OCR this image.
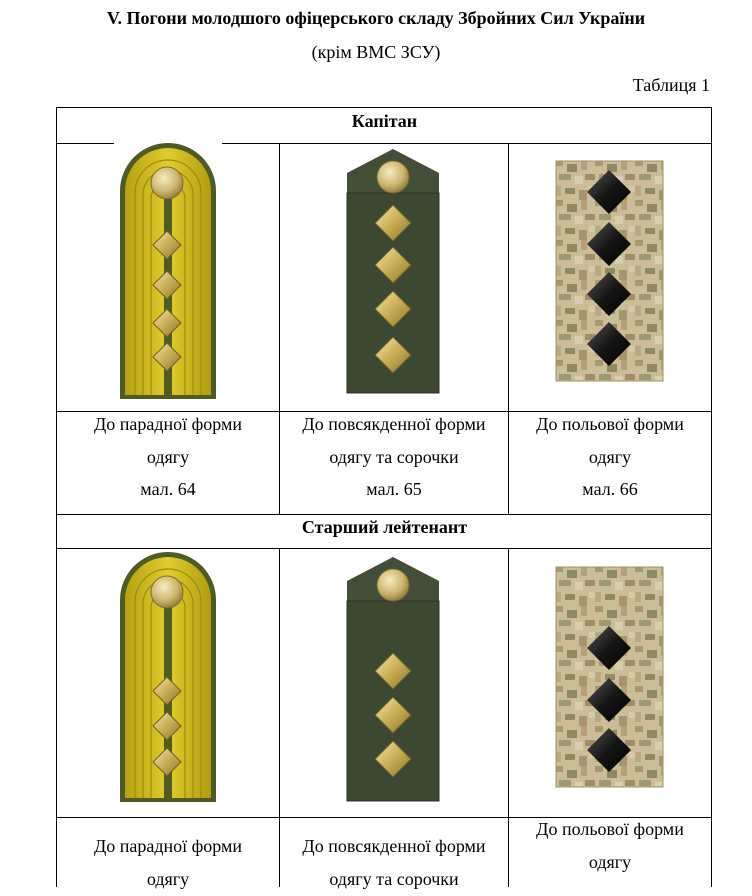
V. Погони молодшого офіцерського складу Збройних Сил України
(крім ВМС ЗСУ)
Таблиця 1
Капітан
Старший лейтенант
До парадної форми
одягу
мал. 64
До повсякденної форми
одягу та сорочки
мал. 65
До польової форми
одягу
мал. 66
До парадної форми
одягу
До повсякденної форми
одягу та сорочки
До польової форми
одягу
